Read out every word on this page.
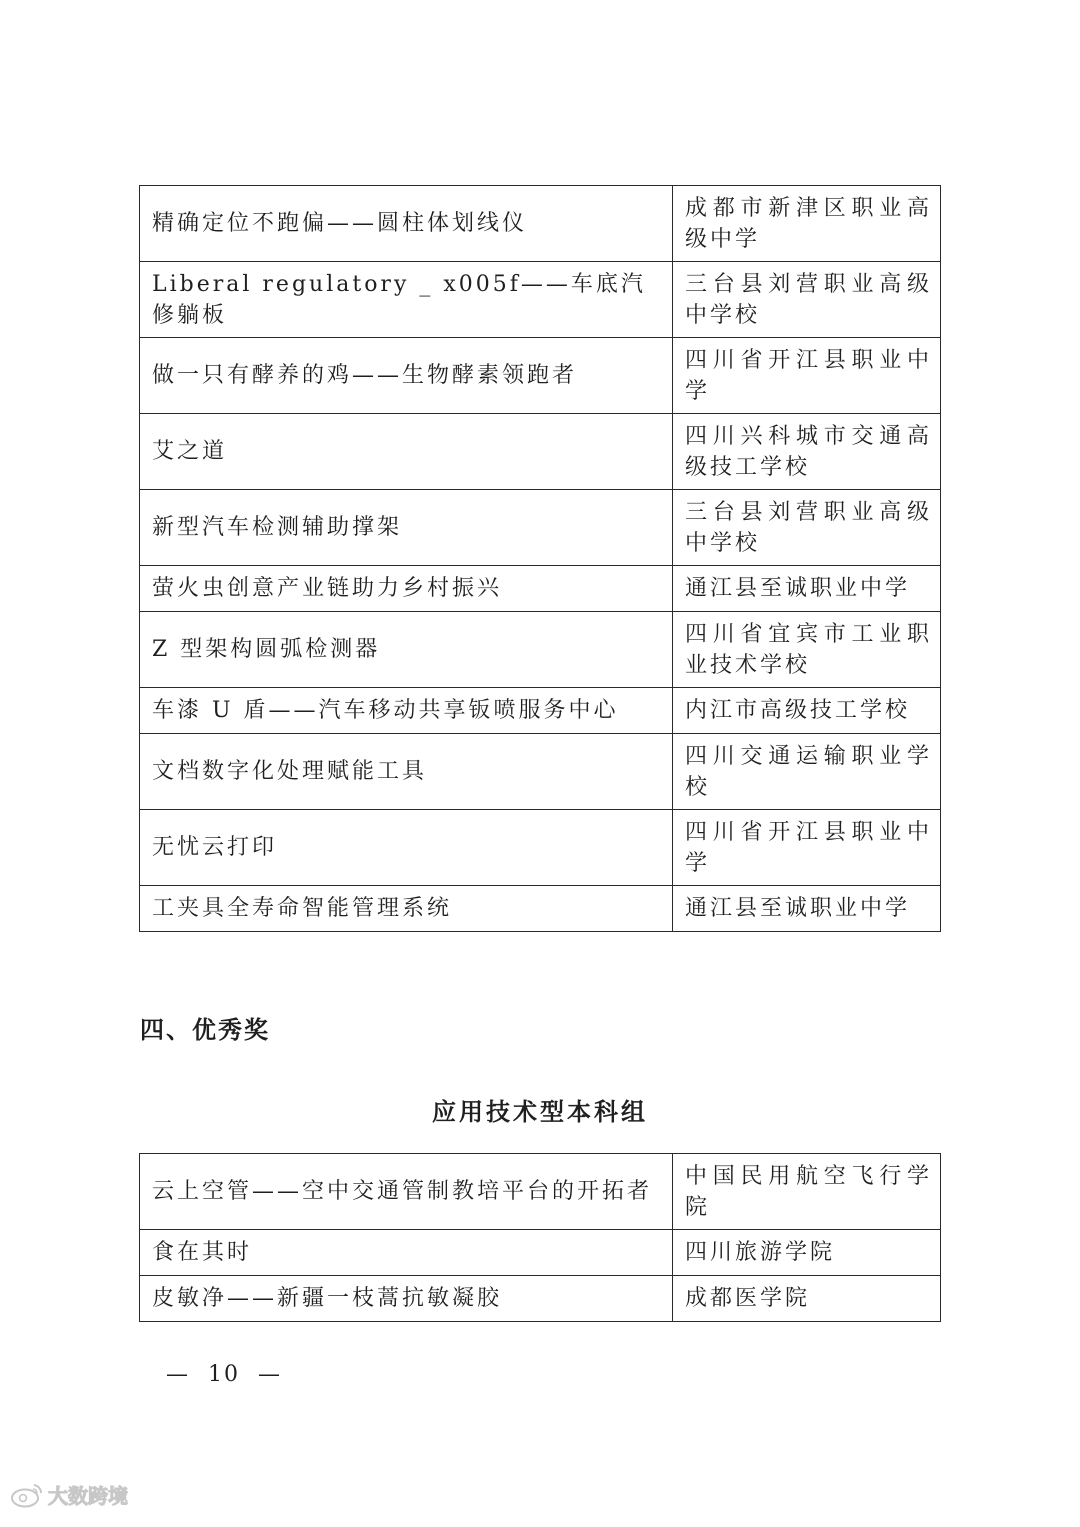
精确定位不跑偏——圆柱体划线仪	成都市新津区职业高级中学
Liberal regulatory _ x005f——车底汽修躺板	三台县刘营职业高级中学校
做一只有酵养的鸡——生物酵素领跑者	四川省开江县职业中学
艾之道	四川兴科城市交通高级技工学校
新型汽车检测辅助撑架	三台县刘营职业高级中学校
萤火虫创意产业链助力乡村振兴	通江县至诚职业中学
Z 型架构圆弧检测器	四川省宜宾市工业职业技术学校
车漆 U 盾——汽车移动共享钣喷服务中心	内江市高级技工学校
文档数字化处理赋能工具	四川交通运输职业学校
无忧云打印	四川省开江县职业中学
工夹具全寿命智能管理系统	通江县至诚职业中学
四、优秀奖
应用技术型本科组
云上空管——空中交通管制教培平台的开拓者	中国民用航空飞行学院
食在其时	四川旅游学院
皮敏净——新疆一枝蒿抗敏凝胶	成都医学院
—  10  —
大数跨境
